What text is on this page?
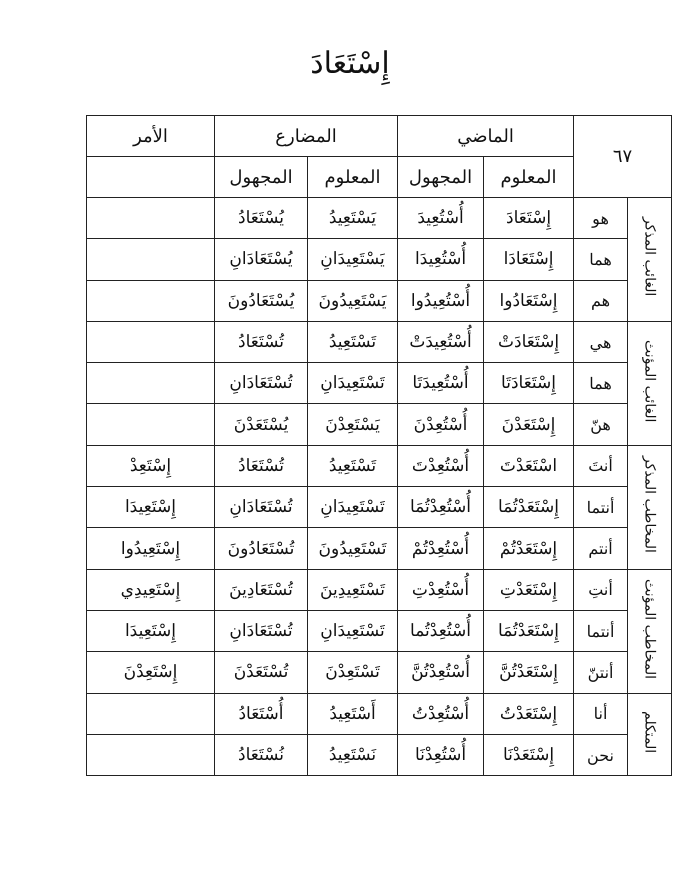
إِسْتَعَادَ
٦٧		الماضي		المضارع		الأمر
		المعلوم	المجهول	المعلوم	المجهول	
الغائب المذكر	هو	إِسْتَعَادَ	أُسْتُعِيدَ	يَسْتَعِيدُ	يُسْتَعَادُ	
	هما	إِسْتَعَادَا	أُسْتُعِيدَا	يَسْتَعِيدَانِ	يُسْتَعَادَانِ	
	هم	إِسْتَعَادُوا	أُسْتُعِيدُوا	يَسْتَعِيدُونَ	يُسْتَعَادُونَ	
الغائب المؤنث	هي	إِسْتَعَادَتْ	أُسْتُعِيدَتْ	تَسْتَعِيدُ	تُسْتَعَادُ	
	هما	إِسْتَعَادَتَا	أُسْتُعِيدَتَا	تَسْتَعِيدَانِ	تُسْتَعَادَانِ	
	هنّ	إِسْتَعَدْنَ	أُسْتُعِدْنَ	يَسْتَعِدْنَ	يُسْتَعَدْنَ	
المخاطب المذكر	أنتَ	اسْتَعَدْتَ	أُسْتُعِدْتَ	تَسْتَعِيدُ	تُسْتَعَادُ	إِسْتَعِدْ
	أنتما	إِسْتَعَدْتُمَا	أُسْتُعِدْتُمَا	تَسْتَعِيدَانِ	تُسْتَعَادَانِ	إِسْتَعِيدَا
	أنتم	إِسْتَعَدْتُمْ	أُسْتُعِدْتُمْ	تَسْتَعِيدُونَ	تُسْتَعَادُونَ	إِسْتَعِيدُوا
المخاطب المؤنث	أنتِ	إِسْتَعَدْتِ	أُسْتُعِدْتِ	تَسْتَعِيدِينَ	تُسْتَعَادِينَ	إِسْتَعِيدِي
	أنتما	إِسْتَعَدْتُمَا	أُسْتُعِدْتُما	تَسْتَعِيدَانِ	تُسْتَعَادَانِ	إِسْتَعِيدَا
	أنتنّ	إِسْتَعَدْتُنَّ	أُسْتُعِدْتُنَّ	تَسْتَعِدْنَ	تُسْتَعَدْنَ	إِسْتَعِدْنَ
المتكلم	أنا	إِسْتَعَدْتُ	أُسْتُعِدْتُ	أَسْتَعِيدُ	أُسْتَعَادُ	
	نحن	إِسْتَعَدْنَا	أُسْتُعِدْنَا	نَسْتَعِيدُ	نُسْتَعَادُ	
